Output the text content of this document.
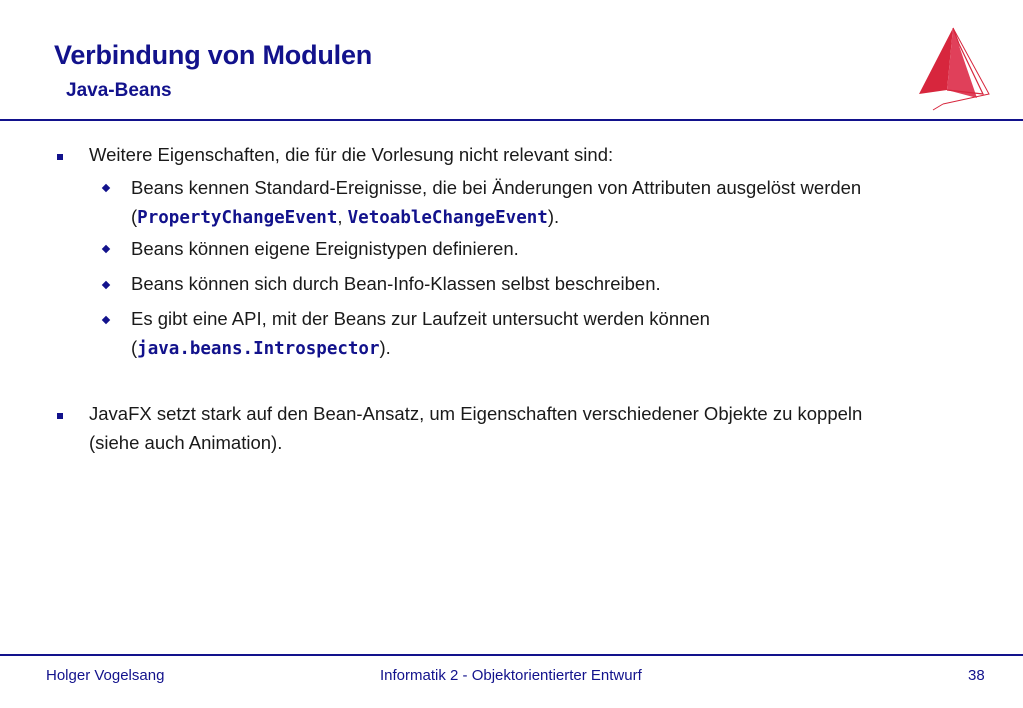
Verbindung von Modulen
Java-Beans
Weitere Eigenschaften, die für die Vorlesung nicht relevant sind:
Beans kennen Standard-Ereignisse, die bei Änderungen von Attributen ausgelöst werden
(PropertyChangeEvent, VetoableChangeEvent).
Beans können eigene Ereignistypen definieren.
Beans können sich durch Bean-Info-Klassen selbst beschreiben.
Es gibt eine API, mit der Beans zur Laufzeit untersucht werden können
(java.beans.Introspector).
JavaFX setzt stark auf den Bean-Ansatz, um Eigenschaften verschiedener Objekte zu koppeln
(siehe auch Animation).
Holger Vogelsang	Informatik 2 - Objektorientierter Entwurf	38
